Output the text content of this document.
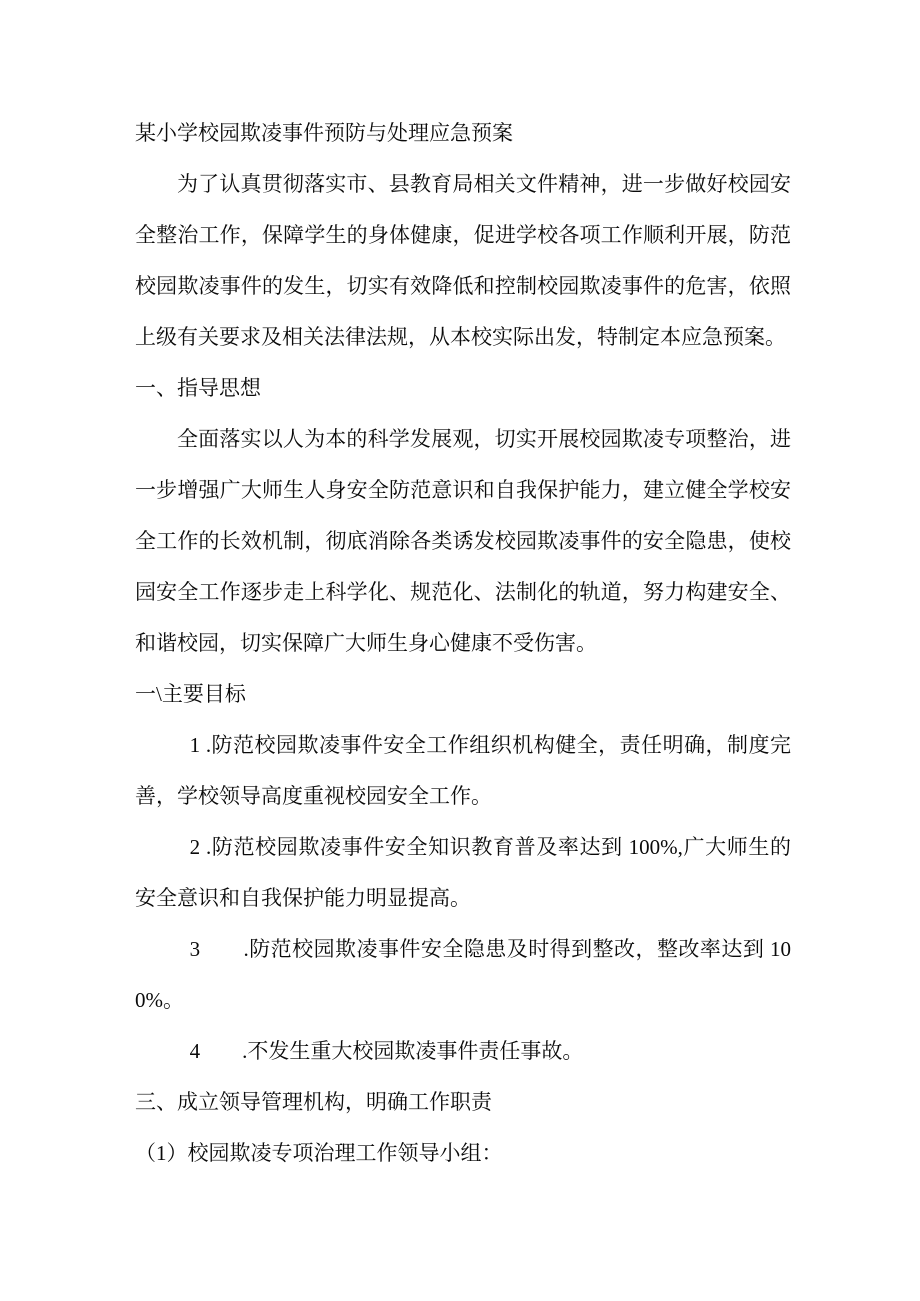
某小学校园欺凌事件预防与处理应急预案
为了认真贯彻落实市、县教育局相关文件精神，进一步做好校园安全整治工作，保障学生的身体健康，促进学校各项工作顺利开展，防范校园欺凌事件的发生，切实有效降低和控制校园欺凌事件的危害，依照上级有关要求及相关法律法规，从本校实际出发，特制定本应急预案。
一、指导思想
全面落实以人为本的科学发展观，切实开展校园欺凌专项整治，进一步增强广大师生人身安全防范意识和自我保护能力，建立健全学校安全工作的长效机制，彻底消除各类诱发校园欺凌事件的安全隐患，使校园安全工作逐步走上科学化、规范化、法制化的轨道，努力构建安全、和谐校园，切实保障广大师生身心健康不受伤害。
一\主要目标
1 .防范校园欺凌事件安全工作组织机构健全，责任明确，制度完善，学校领导高度重视校园安全工作。
2 .防范校园欺凌事件安全知识教育普及率达到 100%,广大师生的安全意识和自我保护能力明显提高。
3　　.防范校园欺凌事件安全隐患及时得到整改，整改率达到 100%。
4　　.不发生重大校园欺凌事件责任事故。
三、成立领导管理机构，明确工作职责
（1）校园欺凌专项治理工作领导小组：
